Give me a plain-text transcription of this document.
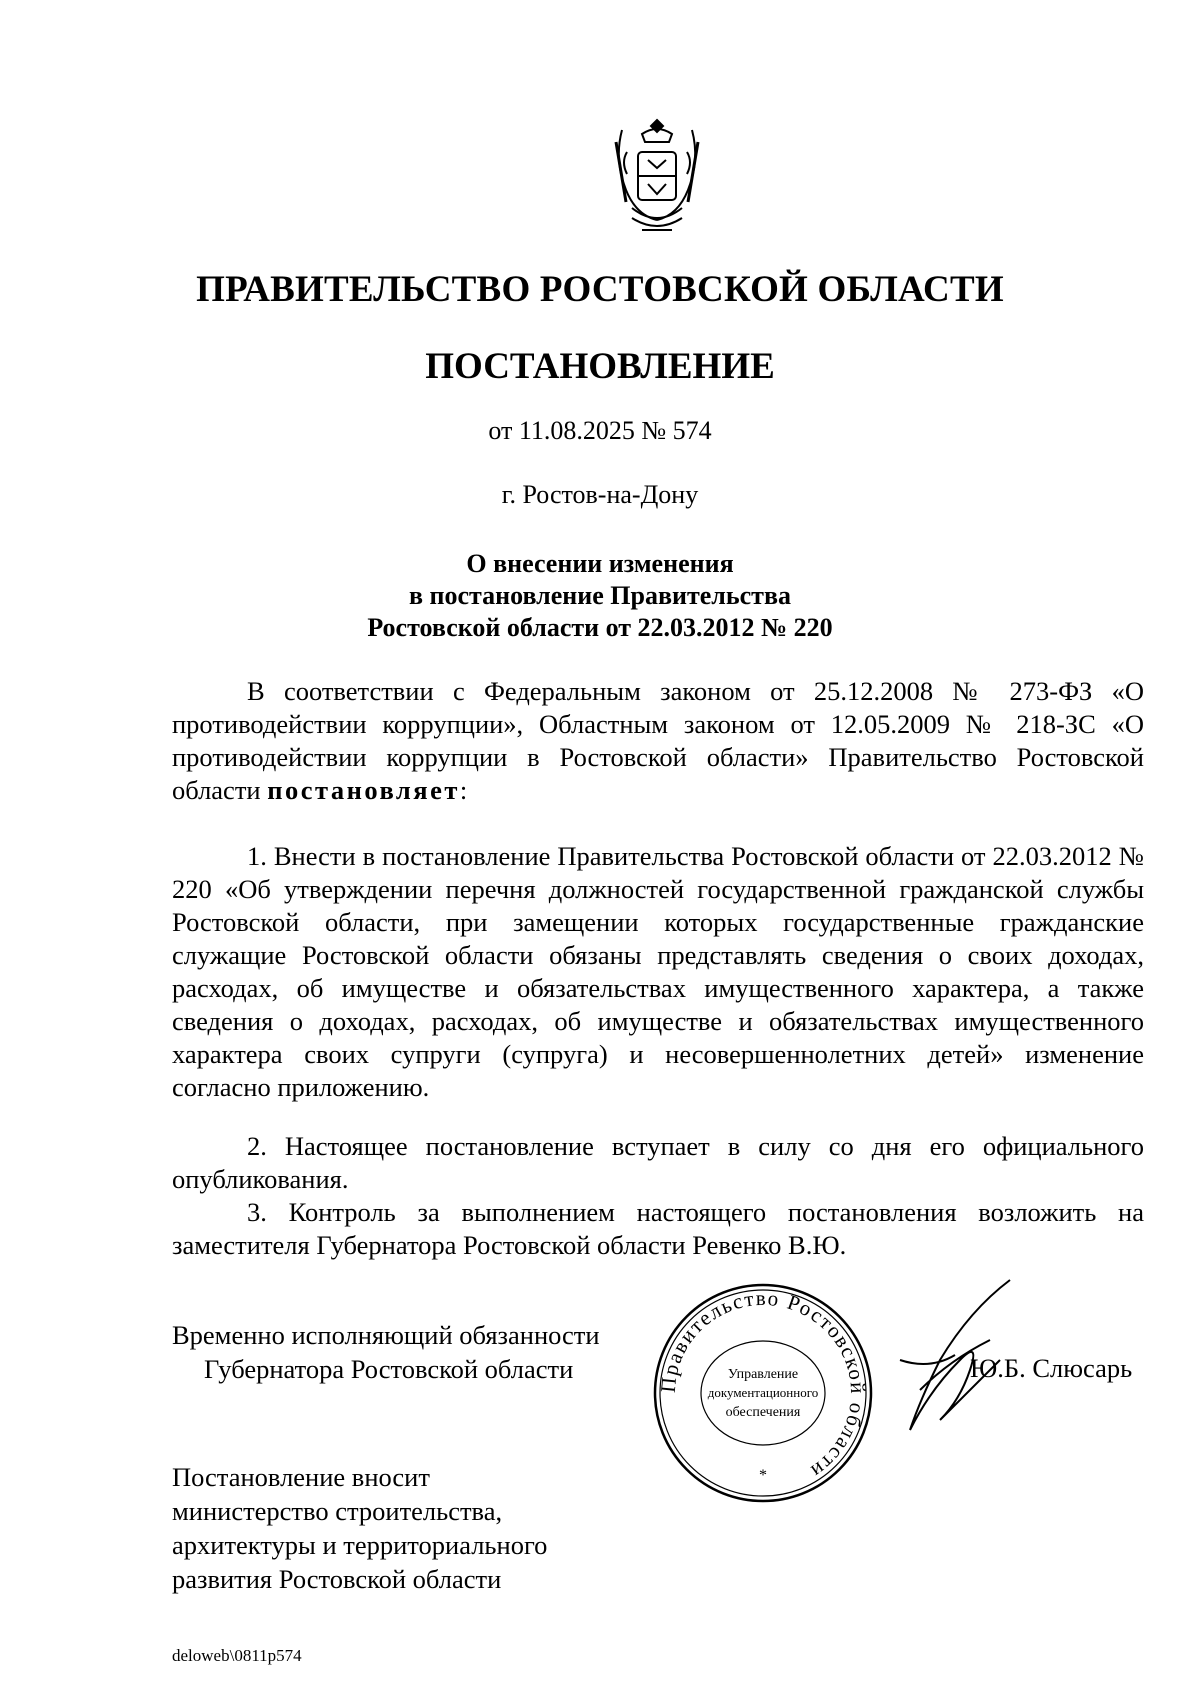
ПРАВИТЕЛЬСТВО РОСТОВСКОЙ ОБЛАСТИ
ПОСТАНОВЛЕНИЕ
от 11.08.2025 № 574
г. Ростов-на-Дону
О внесении изменения
в постановление Правительства
Ростовской области от 22.03.2012 № 220

В соответствии с Федеральным законом от 25.12.2008 № 273-ФЗ «О противодействии коррупции», Областным законом от 12.05.2009 № 218-ЗС «О противодействии коррупции в Ростовской области» Правительство Ростовской области постановляет:

1. Внести в постановление Правительства Ростовской области от 22.03.2012 № 220 «Об утверждении перечня должностей государственной гражданской службы Ростовской области, при замещении которых государственные гражданские служащие Ростовской области обязаны представлять сведения о своих доходах, расходах, об имуществе и обязательствах имущественного характера, а также сведения о доходах, расходах, об имуществе и обязательствах имущественного характера своих супруги (супруга) и несовершеннолетних детей» изменение согласно приложению.

2. Настоящее постановление вступает в силу со дня его официального опубликования.

3. Контроль за выполнением настоящего постановления возложить на заместителя Губернатора Ростовской области Ревенко В.Ю.

Временно исполняющий обязанности
Губернатора Ростовской области
Правительство Ростовской области
Управление
документационного
обеспечения
*
Ю.Б. Слюсарь
Постановление вносит
министерство строительства,
архитектуры и территориального
развития Ростовской области
deloweb\0811p574
